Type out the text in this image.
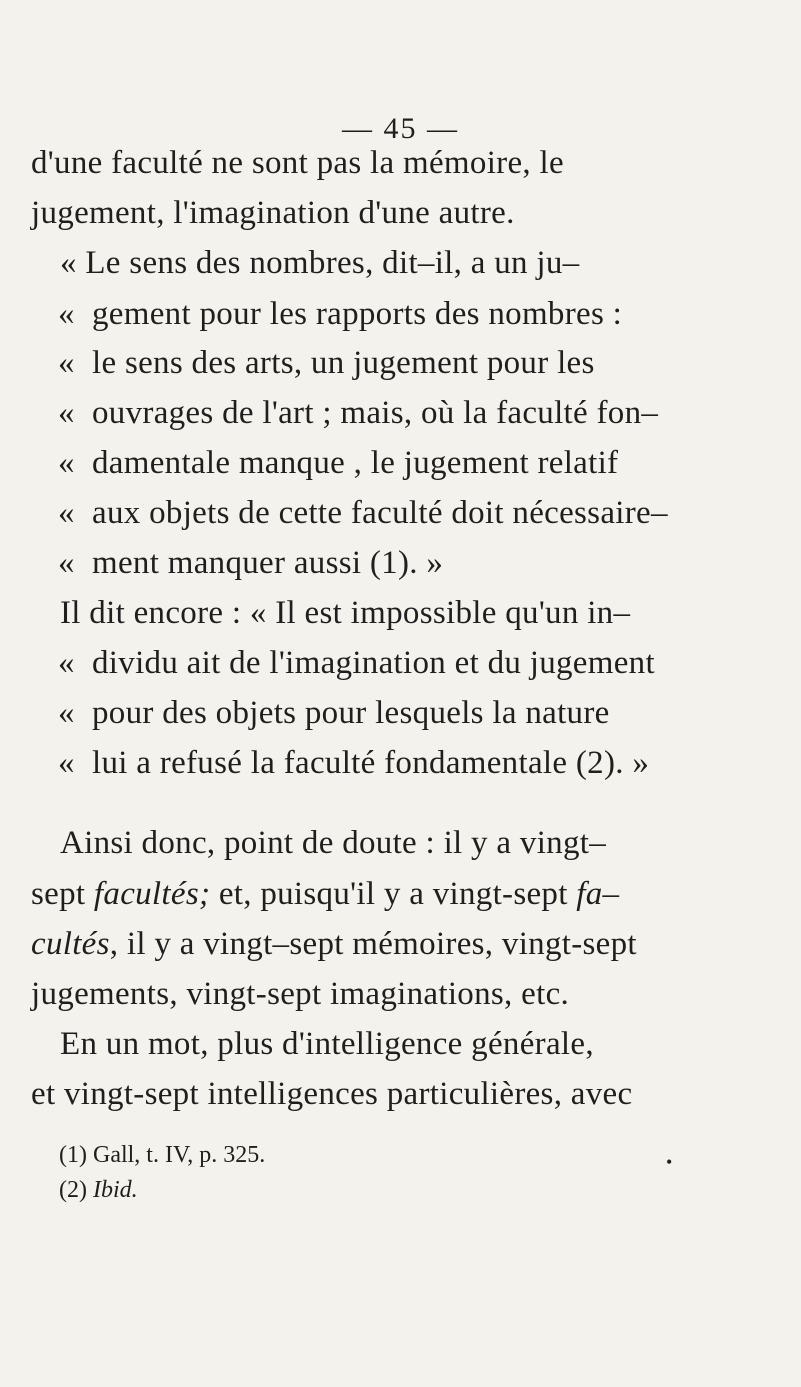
— 45 —
d'une faculté ne sont pas la mémoire, le
jugement, l'imagination d'une autre.
« Le sens des nombres, dit–il, a un ju–
« gement pour les rapports des nombres :
« le sens des arts, un jugement pour les
« ouvrages de l'art ; mais, où la faculté fon–
« damentale manque , le jugement relatif
« aux objets de cette faculté doit nécessaire–
« ment manquer aussi (1). »
Il dit encore : « Il est impossible qu'un in–
« dividu ait de l'imagination et du jugement
« pour des objets pour lesquels la nature
« lui a refusé la faculté fondamentale (2). »
Ainsi donc, point de doute : il y a vingt–
sept facultés; et, puisqu'il y a vingt-sept fa–
cultés, il y a vingt–sept mémoires, vingt-sept
jugements, vingt-sept imaginations, etc.
En un mot, plus d'intelligence générale,
et vingt-sept intelligences particulières, avec
(1) Gall, t. IV, p. 325.
(2) Ibid.
•
